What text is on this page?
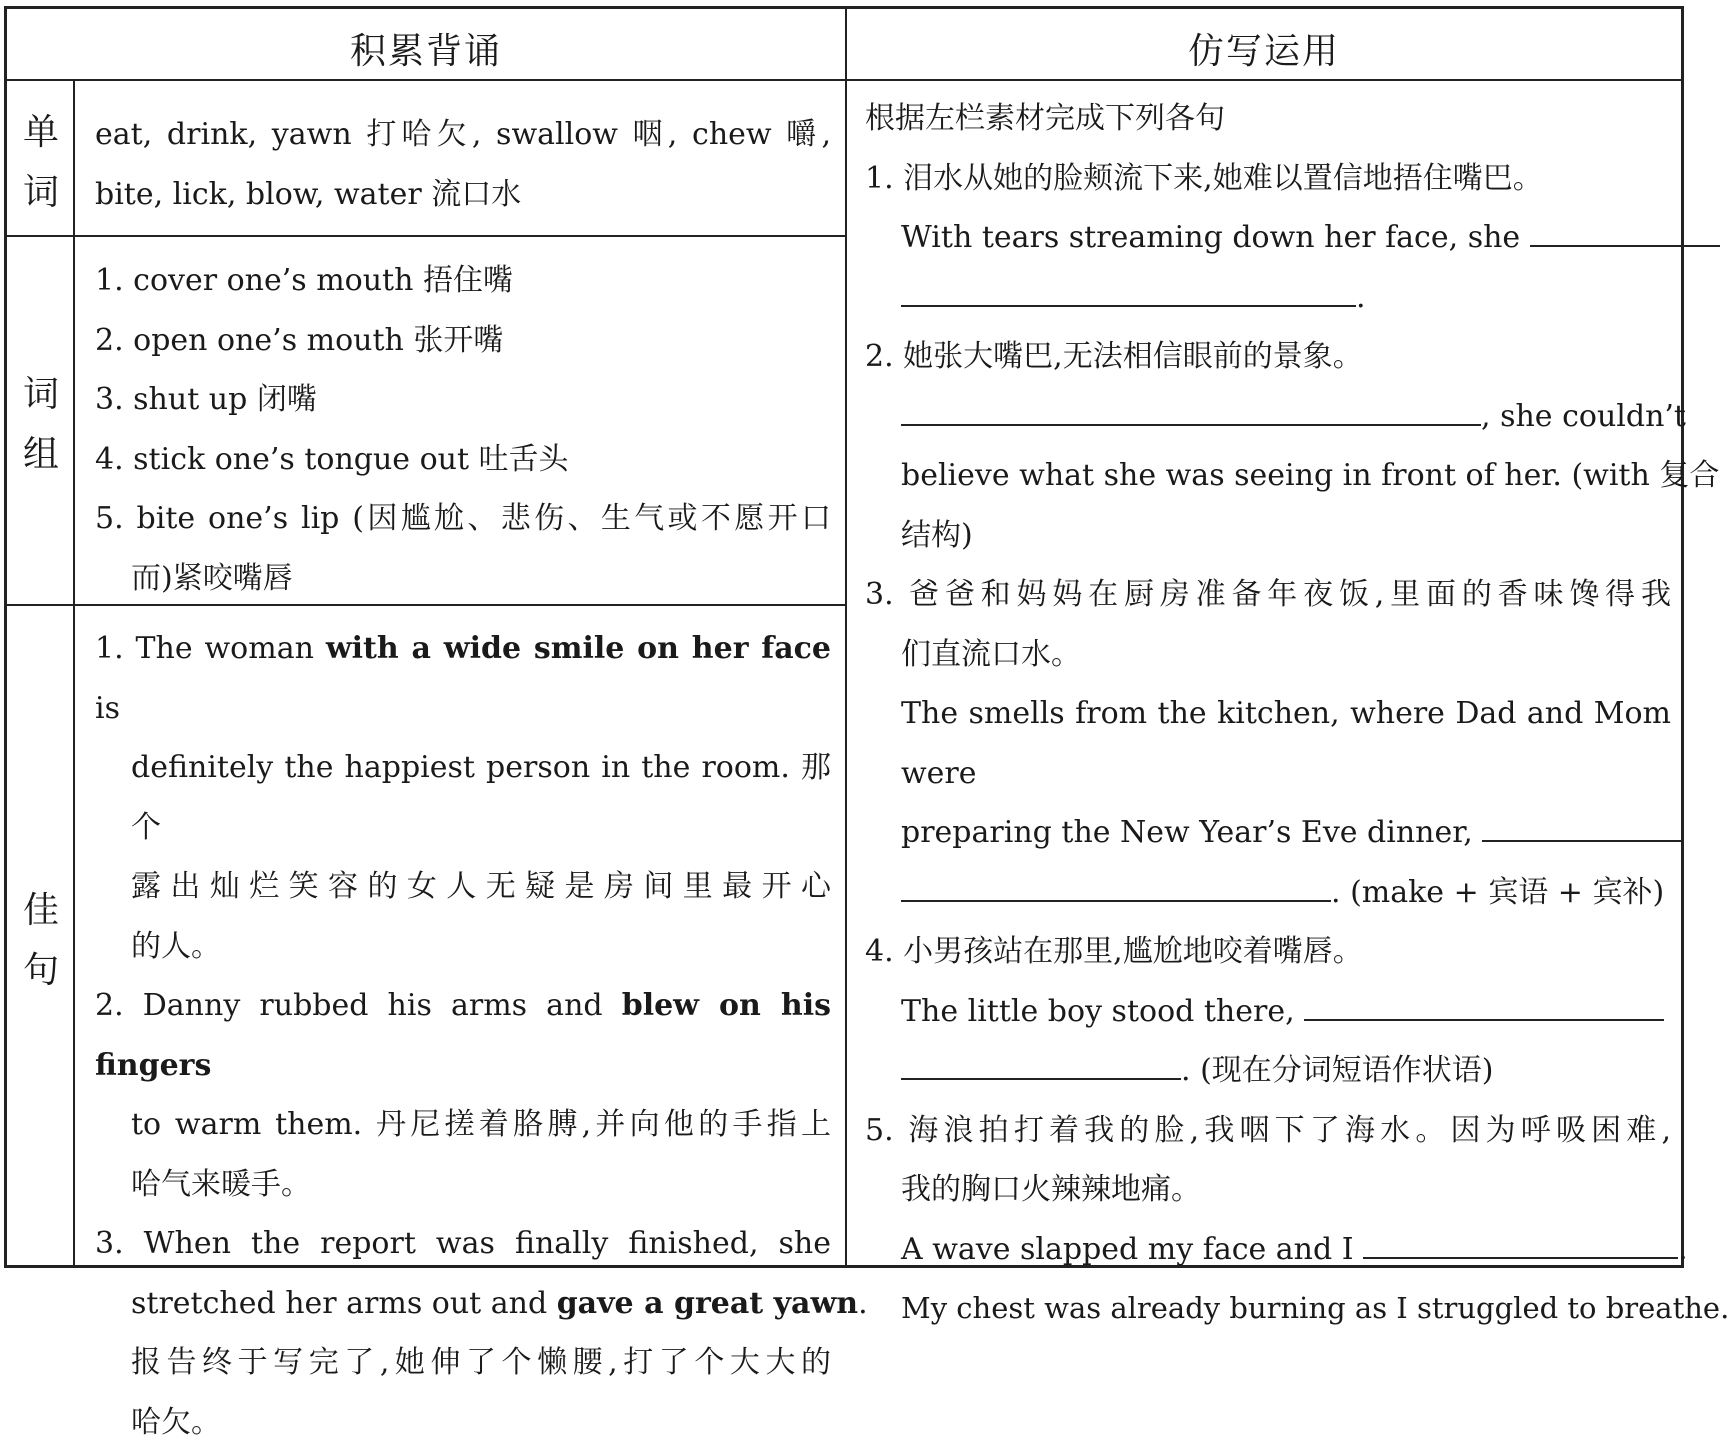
积累背诵	仿写运用
单
词
词
组
佳
句
eat, drink, yawn 打哈欠, swallow 咽, chew 嚼,
bite, lick, blow, water 流口水
1. cover one’s mouth 捂住嘴
2. open one’s mouth 张开嘴
3. shut up 闭嘴
4. stick one’s tongue out 吐舌头
5. bite one’s lip (因尴尬、悲伤、生气或不愿开口
而)紧咬嘴唇
1. The woman with a wide smile on her face is
definitely the happiest person in the room. 那个
露出灿烂笑容的女人无疑是房间里最开心
的人。
2. Danny rubbed his arms and blew on his fingers
to warm them. 丹尼搓着胳膊,并向他的手指上
哈气来暖手。
3. When the report was finally finished, she
stretched her arms out and gave a great yawn.
报告终于写完了,她伸了个懒腰,打了个大大的
哈欠。
根据左栏素材完成下列各句
1. 泪水从她的脸颊流下来,她难以置信地捂住嘴巴。
With tears streaming down her face, she
.
2. 她张大嘴巴,无法相信眼前的景象。
, she couldn’t
believe what she was seeing in front of her. (with 复合
结构)
3. 爸爸和妈妈在厨房准备年夜饭,里面的香味馋得我
们直流口水。
The smells from the kitchen, where Dad and Mom were
preparing the New Year’s Eve dinner,
. (make + 宾语 + 宾补)
4. 小男孩站在那里,尴尬地咬着嘴唇。
The little boy stood there,
. (现在分词短语作状语)
5. 海浪拍打着我的脸,我咽下了海水。因为呼吸困难,
我的胸口火辣辣地痛。
A wave slapped my face and I	.
My chest was already burning as I struggled to breathe.
